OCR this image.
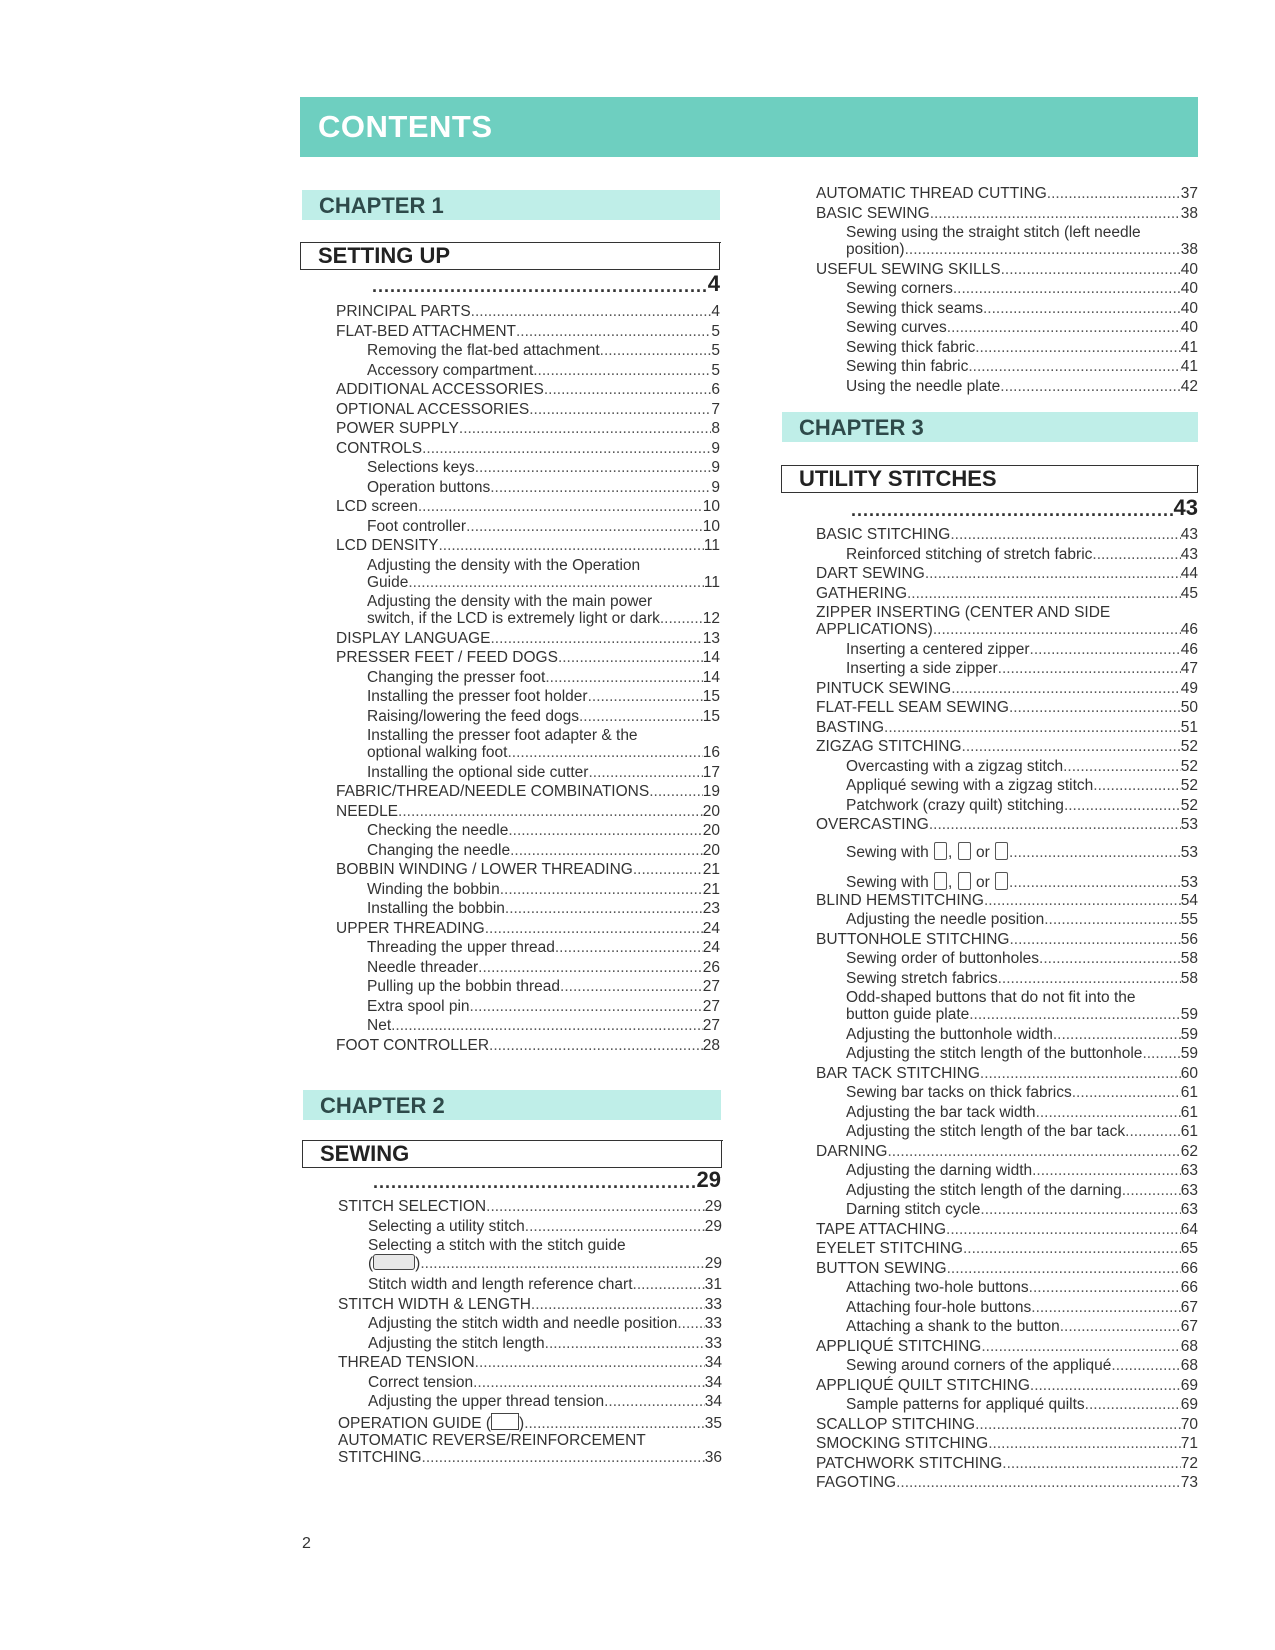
CONTENTS
2
CHAPTER 1
SETTING UP
.....
4
PRINCIPAL PARTS .....	4
FLAT-BED ATTACHMENT .....	5
Removing the flat-bed attachment .....	5
Accessory compartment .....	5
ADDITIONAL ACCESSORIES .....	6
OPTIONAL ACCESSORIES .....	7
POWER SUPPLY .....	8
CONTROLS .....	9
Selections keys .....	9
Operation buttons .....	9
LCD screen .....	10
Foot controller .....	10
LCD DENSITY .....	11
Adjusting the density with the Operation
Guide .....	11
Adjusting the density with the main power
switch, if the LCD is extremely light or dark .....	12
DISPLAY LANGUAGE .....	13
PRESSER FEET / FEED DOGS .....	14
Changing the presser foot .....	14
Installing the presser foot holder .....	15
Raising/lowering the feed dogs .....	15
Installing the presser foot adapter & the
optional walking foot .....	16
Installing the optional side cutter .....	17
FABRIC/THREAD/NEEDLE COMBINATIONS .....	19
NEEDLE .....	20
Checking the needle .....	20
Changing the needle .....	20
BOBBIN WINDING / LOWER THREADING .....	21
Winding the bobbin .....	21
Installing the bobbin .....	23
UPPER THREADING .....	24
Threading the upper thread .....	24
Needle threader .....	26
Pulling up the bobbin thread .....	27
Extra spool pin .....	27
Net .....	27
FOOT CONTROLLER .....	28
CHAPTER 2
SEWING
.....
29
STITCH SELECTION .....	29
Selecting a utility stitch .....	29
Selecting a stitch with the stitch guide
(	) .....	29
Stitch width and length reference chart .....	31
STITCH WIDTH & LENGTH .....	33
Adjusting the stitch width and needle position ..... 33
Adjusting the stitch length .....	33
THREAD TENSION .....	34
Correct tension .....	34
Adjusting the upper thread tension .....	34
OPERATION GUIDE ( ) .....	35
AUTOMATIC REVERSE/REINFORCEMENT
STITCHING .....	36
AUTOMATIC THREAD CUTTING .....	37
BASIC SEWING .....	38
Sewing using the straight stitch (left needle
position) .....	38
USEFUL SEWING SKILLS .....	40
Sewing corners .....	40
Sewing thick seams .....	40
Sewing curves .....	40
Sewing thick fabric .....	41
Sewing thin fabric .....	41
Using the needle plate .....	42
CHAPTER 3
UTILITY STITCHES
.....
43
BASIC STITCHING .....	43
Reinforced stitching of stretch fabric .....	43
DART SEWING .....	44
GATHERING .....	45
ZIPPER INSERTING (CENTER AND SIDE
APPLICATIONS) .....	46
Inserting a centered zipper .....	46
Inserting a side zipper .....	47
PINTUCK SEWING .....	49
FLAT-FELL SEAM SEWING .....	50
BASTING .....	51
ZIGZAG STITCHING .....	52
Overcasting with a zigzag stitch .....	52
Appliqué sewing with a zigzag stitch .....	52
Patchwork (crazy quilt) stitching .....	52
OVERCASTING .....	53
Sewing with ,  or .....	53
Sewing with ,  or .....	53
BLIND HEMSTITCHING .....	54
Adjusting the needle position .....	55
BUTTONHOLE STITCHING .....	56
Sewing order of buttonholes .....	58
Sewing stretch fabrics .....	58
Odd-shaped buttons that do not fit into the
button guide plate .....	59
Adjusting the buttonhole width .....	59
Adjusting the stitch length of the buttonhole ..... 59
BAR TACK STITCHING .....	60
Sewing bar tacks on thick fabrics .....	61
Adjusting the bar tack width .....	61
Adjusting the stitch length of the bar tack .....	61
DARNING .....	62
Adjusting the darning width .....	63
Adjusting the stitch length of the darning .....	63
Darning stitch cycle .....	63
TAPE ATTACHING .....	64
EYELET STITCHING .....	65
BUTTON SEWING .....	66
Attaching two-hole buttons .....	66
Attaching four-hole buttons .....	67
Attaching a shank to the button .....	67
APPLIQUÉ STITCHING .....	68
Sewing around corners of the appliqué .....	68
APPLIQUÉ QUILT STITCHING .....	69
Sample patterns for appliqué quilts .....	69
SCALLOP STITCHING .....	70
SMOCKING STITCHING .....	71
PATCHWORK STITCHING .....	72
FAGOTING .....	73
